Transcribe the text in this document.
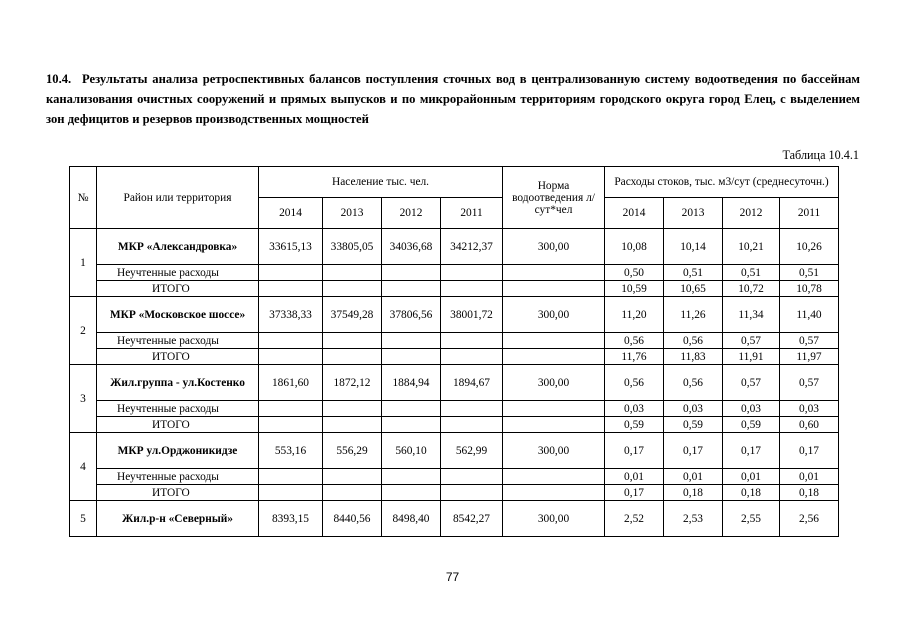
10.4. Результаты анализа ретроспективных балансов поступления сточных вод в централизованную систему водоотведения по бассейнам канализования очистных сооружений и прямых выпусков и по микрорайонным территориям городского округа город Елец, с выделением зон дефицитов и резервов производственных мощностей
Таблица 10.4.1
№	Район или территория	Население тыс. чел.				Норма водоотведения л/сут*чел	Расходы стоков, тыс. м3/сут (среднесуточн.)			
		2014	2013	2012	2011		2014	2013	2012	2011
1	МКР «Александровка»	33615,13	33805,05	34036,68	34212,37	300,00	10,08	10,14	10,21	10,26
	Неучтенные расходы						0,50	0,51	0,51	0,51
	ИТОГО						10,59	10,65	10,72	10,78
2	МКР «Московское шоссе»	37338,33	37549,28	37806,56	38001,72	300,00	11,20	11,26	11,34	11,40
	Неучтенные расходы						0,56	0,56	0,57	0,57
	ИТОГО						11,76	11,83	11,91	11,97
3	Жил.группа - ул.Костенко	1861,60	1872,12	1884,94	1894,67	300,00	0,56	0,56	0,57	0,57
	Неучтенные расходы						0,03	0,03	0,03	0,03
	ИТОГО						0,59	0,59	0,59	0,60
4	МКР ул.Орджоникидзе	553,16	556,29	560,10	562,99	300,00	0,17	0,17	0,17	0,17
	Неучтенные расходы						0,01	0,01	0,01	0,01
	ИТОГО						0,17	0,18	0,18	0,18
5	Жил.р-н «Северный»	8393,15	8440,56	8498,40	8542,27	300,00	2,52	2,53	2,55	2,56
77
